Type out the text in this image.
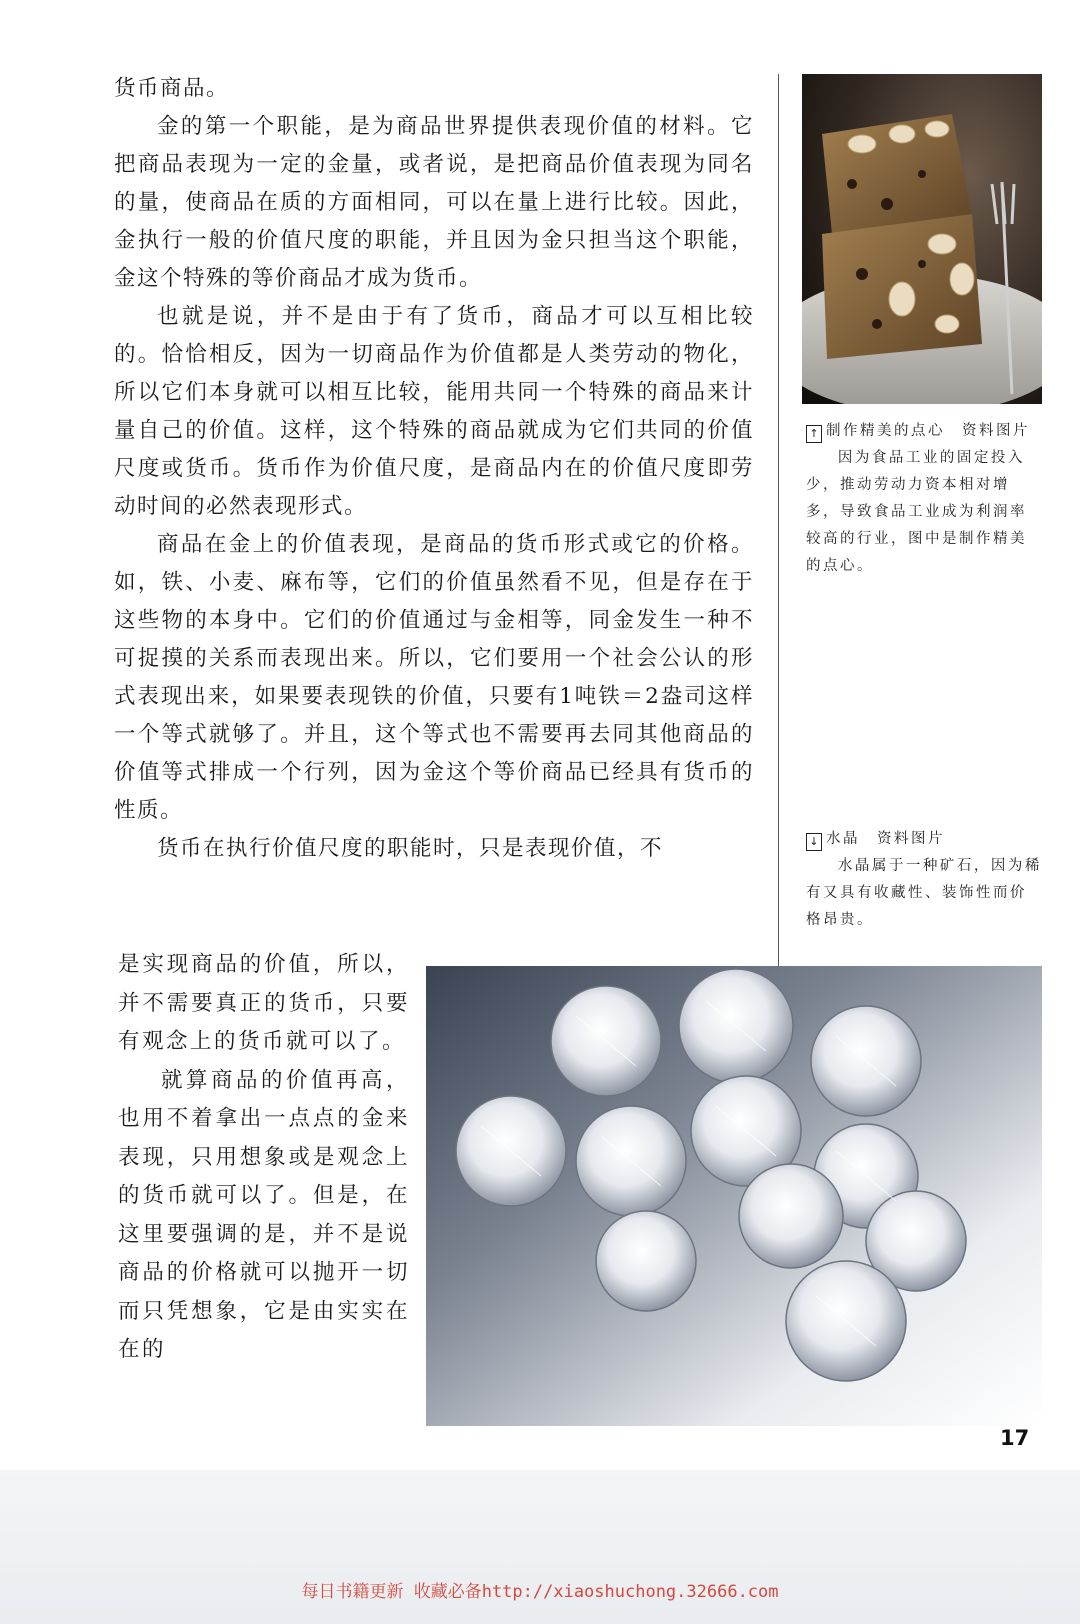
货币商品。

金的第一个职能，是为商品世界提供表现价值的材料。它把商品表现为一定的金量，或者说，是把商品价值表现为同名的量，使商品在质的方面相同，可以在量上进行比较。因此，金执行一般的价值尺度的职能，并且因为金只担当这个职能，金这个特殊的等价商品才成为货币。

也就是说，并不是由于有了货币，商品才可以互相比较的。恰恰相反，因为一切商品作为价值都是人类劳动的物化，所以它们本身就可以相互比较，能用共同一个特殊的商品来计量自己的价值。这样，这个特殊的商品就成为它们共同的价值尺度或货币。货币作为价值尺度，是商品内在的价值尺度即劳动时间的必然表现形式。

商品在金上的价值表现，是商品的货币形式或它的价格。如，铁、小麦、麻布等，它们的价值虽然看不见，但是存在于这些物的本身中。它们的价值通过与金相等，同金发生一种不可捉摸的关系而表现出来。所以，它们要用一个社会公认的形式表现出来，如果要表现铁的价值，只要有1吨铁＝2盎司这样一个等式就够了。并且，这个等式也不需要再去同其他商品的价值等式排成一个行列，因为金这个等价商品已经具有货币的性质。

货币在执行价值尺度的职能时，只是表现价值，不

是实现商品的价值，所以，并不需要真正的货币，只要有观念上的货币就可以了。

就算商品的价值再高，也用不着拿出一点点的金来表现，只用想象或是观念上的货币就可以了。但是，在这里要强调的是，并不是说商品的价格就可以抛开一切而只凭想象，它是由实实在在的

↑ 制作精美的点心　资料图片
因为食品工业的固定投入少，推动劳动力资本相对增多，导致食品工业成为利润率较高的行业，图中是制作精美的点心。
↓ 水晶　资料图片
水晶属于一种矿石，因为稀有又具有收藏性、装饰性而价格昂贵。
17
每日书籍更新 收藏必备http://xiaoshuchong.32666.com
